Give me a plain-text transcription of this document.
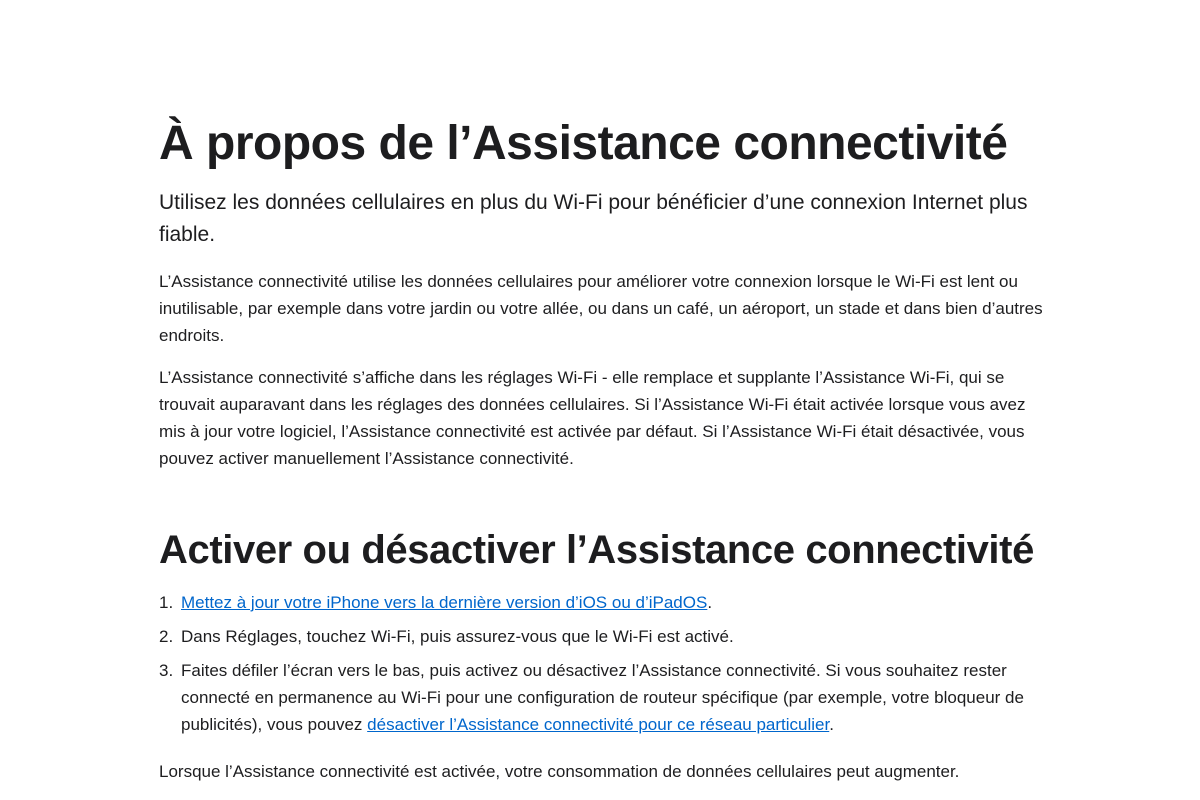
À propos de l’Assistance connectivité

Utilisez les données cellulaires en plus du Wi-Fi pour bénéficier d’une connexion Internet plus fiable.

L’Assistance connectivité utilise les données cellulaires pour améliorer votre connexion lorsque le Wi-Fi est lent ou inutilisable, par exemple dans votre jardin ou votre allée, ou dans un café, un aéroport, un stade et dans bien d’autres endroits.

L’Assistance connectivité s’affiche dans les réglages Wi-Fi - elle remplace et supplante l’Assistance Wi-Fi, qui se trouvait auparavant dans les réglages des données cellulaires. Si l’Assistance Wi-Fi était activée lorsque vous avez mis à jour votre logiciel, l’Assistance connectivité est activée par défaut. Si l’Assistance Wi-Fi était désactivée, vous pouvez activer manuellement l’Assistance connectivité.

Activer ou désactiver l’Assistance connectivité
1. Mettez à jour votre iPhone vers la dernière version d’iOS ou d’iPadOS.
2. Dans Réglages, touchez Wi-Fi, puis assurez-vous que le Wi-Fi est activé.
3. Faites défiler l’écran vers le bas, puis activez ou désactivez l’Assistance connectivité. Si vous souhaitez rester connecté en permanence au Wi-Fi pour une configuration de routeur spécifique (par exemple, votre bloqueur de publicités), vous pouvez désactiver l’Assistance connectivité pour ce réseau particulier.

Lorsque l’Assistance connectivité est activée, votre consommation de données cellulaires peut augmenter.
